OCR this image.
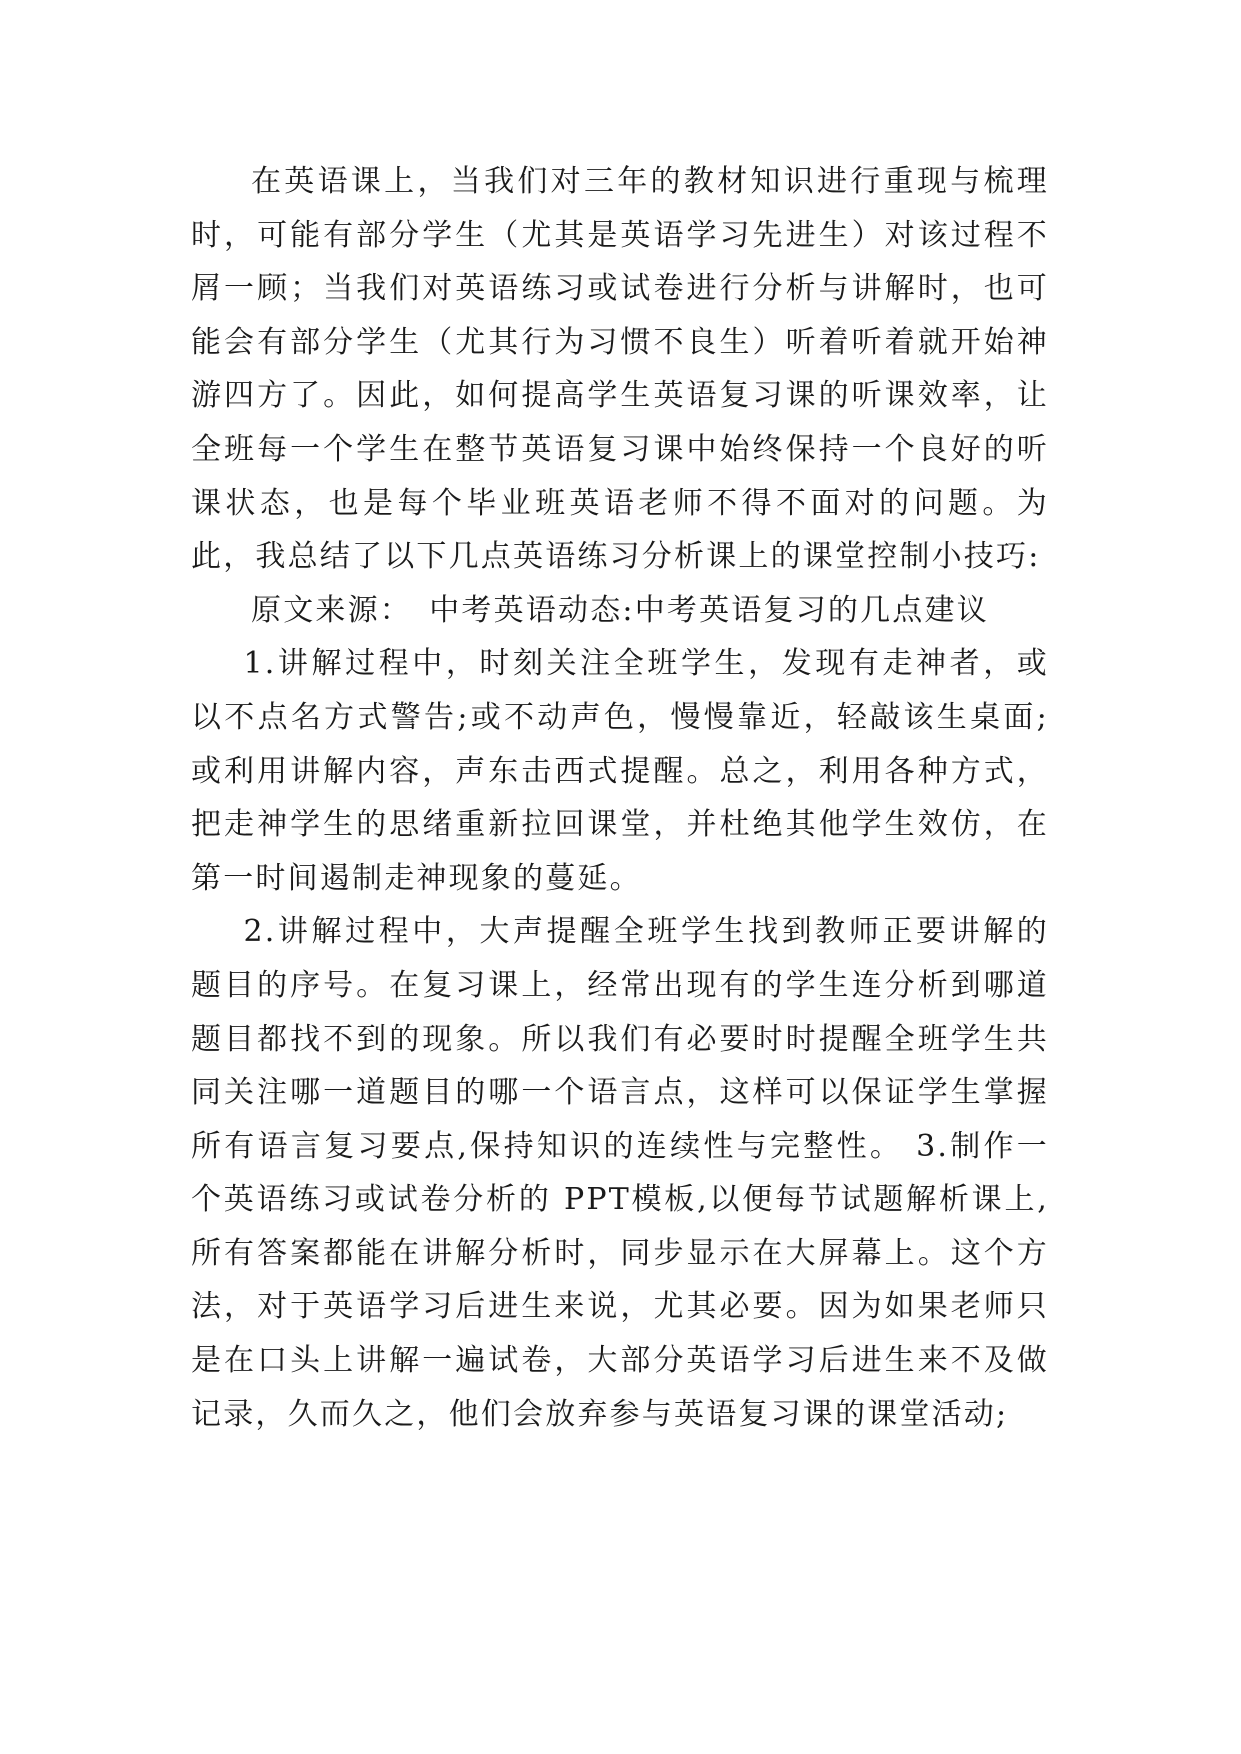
在英语课上，当我们对三年的教材知识进行重现与梳理时，可能有部分学生（尤其是英语学习先进生）对该过程不屑一顾；当我们对英语练习或试卷进行分析与讲解时，也可能会有部分学生（尤其行为习惯不良生）听着听着就开始神游四方了。因此，如何提高学生英语复习课的听课效率，让全班每一个学生在整节英语复习课中始终保持一个良好的听课状态，也是每个毕业班英语老师不得不面对的问题。为此，我总结了以下几点英语练习分析课上的课堂控制小技巧:

原文来源：　中考英语动态:中考英语复习的几点建议

1.讲解过程中，时刻关注全班学生，发现有走神者，或以不点名方式警告;或不动声色，慢慢靠近，轻敲该生桌面;或利用讲解内容，声东击西式提醒。总之，利用各种方式，把走神学生的思绪重新拉回课堂，并杜绝其他学生效仿，在第一时间遏制走神现象的蔓延。

2.讲解过程中，大声提醒全班学生找到教师正要讲解的题目的序号。在复习课上，经常出现有的学生连分析到哪道题目都找不到的现象。所以我们有必要时时提醒全班学生共同关注哪一道题目的哪一个语言点，这样可以保证学生掌握所有语言复习要点,保持知识的连续性与完整性。 3.制作一个英语练习或试卷分析的 PPT模板,以便每节试题解析课上,所有答案都能在讲解分析时，同步显示在大屏幕上。这个方法，对于英语学习后进生来说，尤其必要。因为如果老师只是在口头上讲解一遍试卷，大部分英语学习后进生来不及做记录，久而久之，他们会放弃参与英语复习课的课堂活动;
